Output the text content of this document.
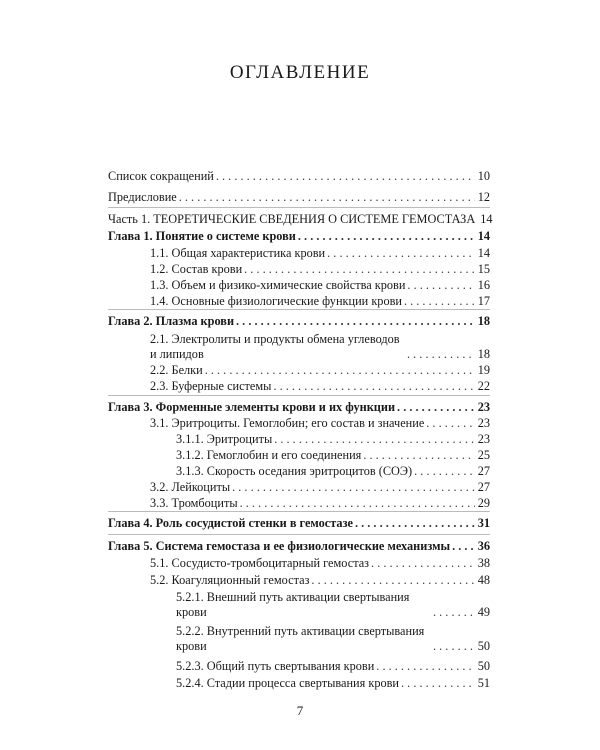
ОГЛАВЛЕНИЕ
Список сокращений . . .	10
Предисловие . . .	12
Часть 1. ТЕОРЕТИЧЕСКИЕ СВЕДЕНИЯ О СИСТЕМЕ ГЕМОСТАЗА 14
Глава 1. Понятие о системе крови . . .	14
1.1. Общая характеристика крови . . .	14
1.2. Состав крови . . .	15
1.3. Объем и физико-химические свойства крови . . .	16
1.4. Основные физиологические функции крови . . .	17
Глава 2. Плазма крови . . .	18
2.1. Электролиты и продукты обмена углеводов и липидов . . .	18
2.2. Белки . . .	19
2.3. Буферные системы . . .	22
Глава 3. Форменные элементы крови и их функции . . .	23
3.1. Эритроциты. Гемоглобин; его состав и значение . . .	23
3.1.1. Эритроциты . . .	23
3.1.2. Гемоглобин и его соединения . . .	25
3.1.3. Скорость оседания эритроцитов (СОЭ) . . .	27
3.2. Лейкоциты . . .	27
3.3. Тромбоциты . . .	29
Глава 4. Роль сосудистой стенки в гемостазе . . .	31
Глава 5. Система гемостаза и ее физиологические механизмы . . . 36
5.1. Сосудисто-тромбоцитарный гемостаз . . .	38
5.2. Коагуляционный гемостаз . . .	48
5.2.1. Внешний путь активации свертывания крови . . .	49
5.2.2. Внутренний путь активации свертывания крови . . .	50
5.2.3. Общий путь свертывания крови . . .	50
5.2.4. Стадии процесса свертывания крови . . .	51
7
